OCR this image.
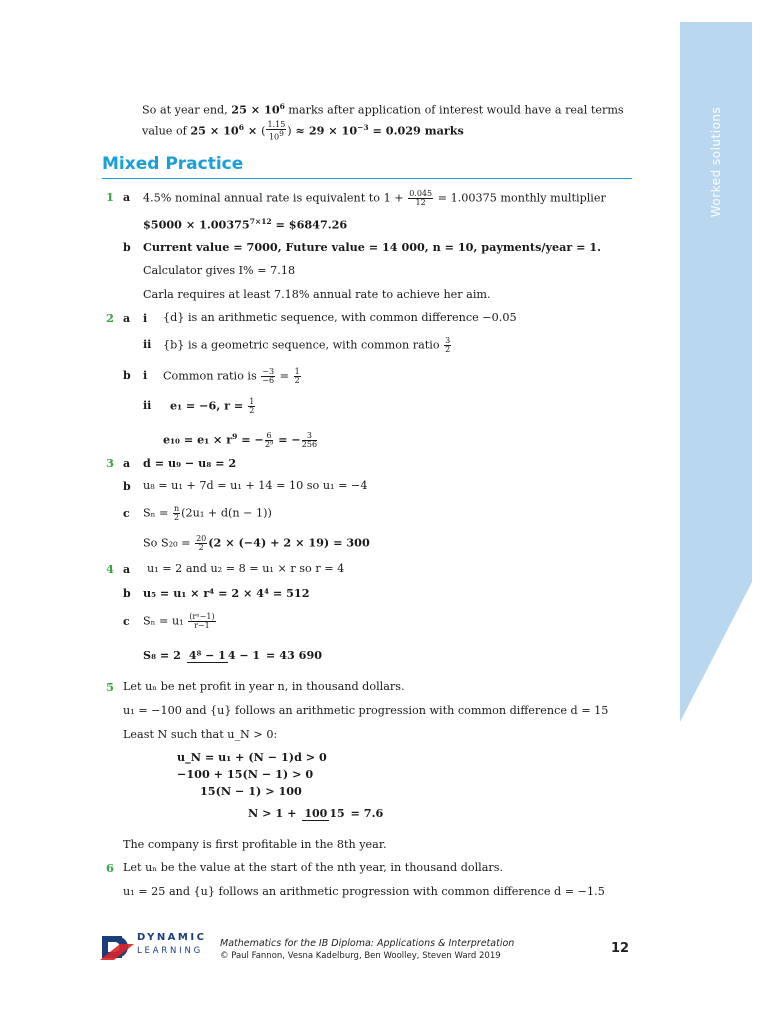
Worked solutions
So at year end, $25 \times 10^6$ marks after application of interest would have a real terms
value of $25 \times 10^6$ × ( $\frac{1.15}{10^9}$ ) ≈ $29 \times 10^{-3} = 0.029$ marks
Mixed Practice
1 a 4.5% nominal annual rate is equivalent to $1 + \frac{0.045}{12} = 1.00375$ monthly multiplier
$5000 × $1.00375^{7\times 12}$ = $6847.26
b Current value = 7000, Future value = 14 000, n = 10, payments/year = 1.
Calculator gives I% = 7.18
Carla requires at least 7.18% annual rate to achieve her aim.
2 a i {d} is an arithmetic sequence, with common difference −0.05
ii {b} is a geometric sequence, with common ratio $\frac{3}{2}$
b i Common ratio is $\frac{-3}{-6} = \frac{1}{2}$
ii e₁ = −6, $r = \frac{1}{2}$
$e_{10} = e_1 \times r^9$ = − $\frac{6}{\text{2⁹}}$ = − $\frac{3}{256}$
3 a d = u₉ − u₈ = 2
b u₈ = u₁ + 7d = u₁ + 14 = 10 so u₁ = −4
c $S_n = \frac{n}{2} (2u_1 + d(n - 1))$
So $S_{20} = \frac{20}{2} (2 \times (-4) + 2 \times 19) = 300$
4 a u₁ = 2 and u₂ = 8 = u₁ × r so r = 4
b u₅ = u₁ × r⁴ = 2 × 4⁴ = 512
c $S_n = u_1 \frac{\text{(rⁿ−1)}}{r-1}$
S₈ = 2 4⁸ − 1 4 − 1 = 43 690
5 Let uₙ be net profit in year n, in thousand dollars.
u₁ = −100 and {u} follows an arithmetic progression with common difference d = 15
Least N such that u_N > 0:
u_N = u₁ + (N − 1)d > 0
−100 + 15(N − 1) > 0
15(N − 1) > 100
N > 1 + 100 15 = 7.6
The company is first profitable in the 8th year.
6 Let uₙ be the value at the start of the nth year, in thousand dollars.
u₁ = 25 and {u} follows an arithmetic progression with common difference d = −1.5
DYNAMIC
LEARNING
Mathematics for the IB Diploma: Applications & Interpretation
© Paul Fannon, Vesna Kadelburg, Ben Woolley, Steven Ward 2019	12
